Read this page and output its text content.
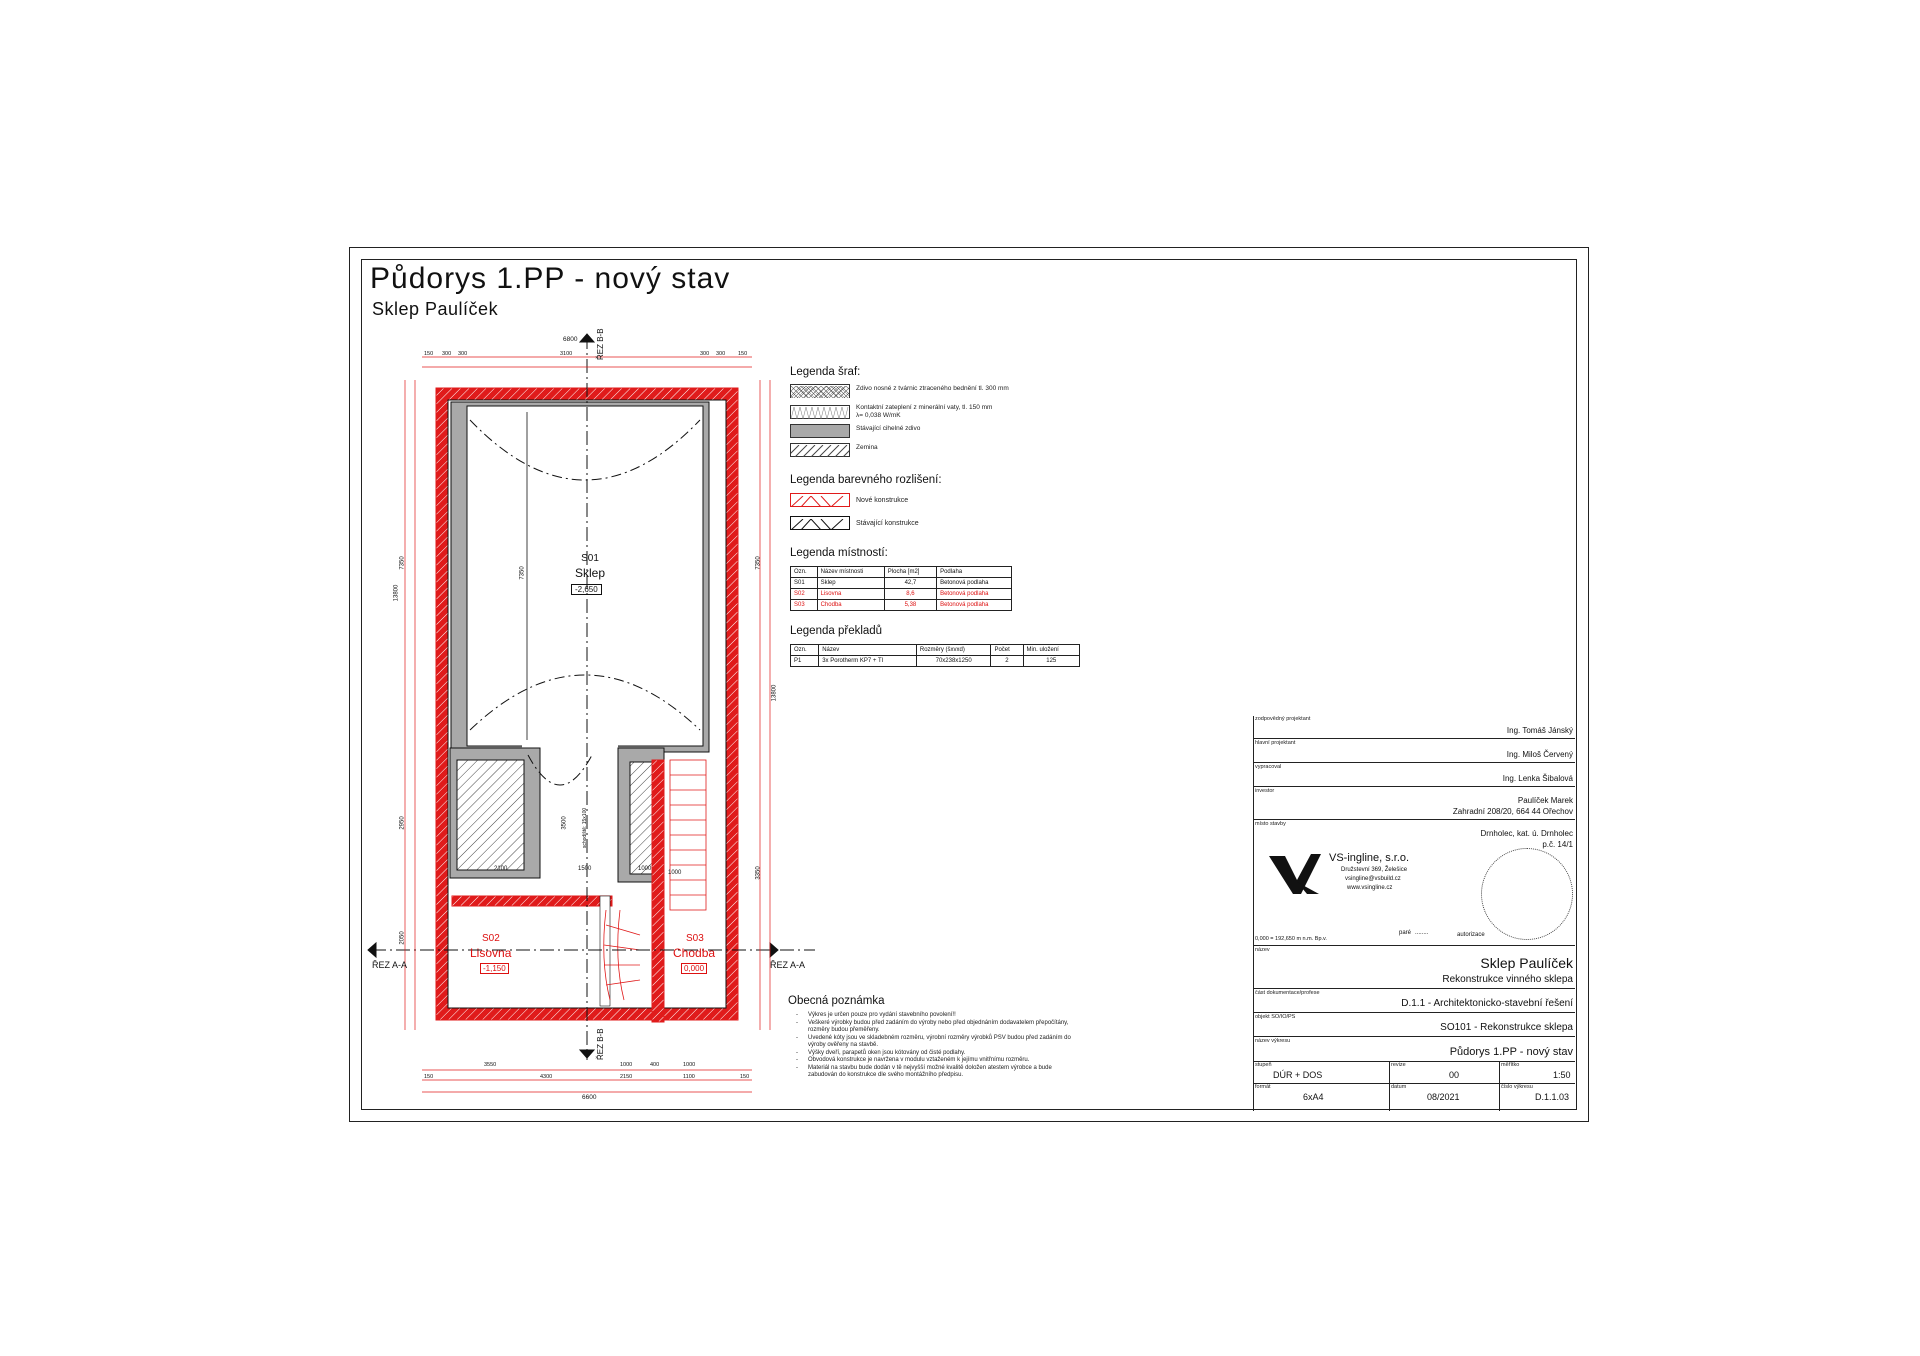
Půdorys 1.PP - nový stav
Sklep Paulíček
S01
Sklep
-2,650
S02
Lisovna
-1,150
S03
Chodba
0,000
ŘEZ A-A	ŘEZ A-A
ŘEZ B-B
ŘEZ B-B
6800
150 300	3100	300 150
300	300
3550	1000	400	1000
150	150
4300	2150	1100
6600
13800
7350
2950
2050
13800
7350
3350
7350
3500
2100	1000
1500
1000
schodiště: 15x100
Legenda šraf:
Zdivo nosné z tvárnic ztraceného bednění tl. 300 mm
Kontaktní zateplení z minerální vaty, tl. 150 mm
λ= 0,038 W/mK
Stávající cihelné zdivo
Zemina
Legenda barevného rozlišení:
Nové konstrukce
Stávající konstrukce
Legenda místností:
Ozn.	Název místnosti	Plocha [m2]	Podlaha
S01	Sklep	42,7	Betonová podlaha
S02	Lisovna	8,6	Betonová podlaha
S03	Chodba	5,38	Betonová podlaha
Legenda překladů
Ozn.	Název	Rozměry (šxvxd)	Počet	Min. uložení
P1	3x Porotherm KP7 + TI	70x238x1250	2	125
Obecná poznámka
- Výkres je určen pouze pro vydání stavebního povolení!!
- Veškeré výrobky budou před zadáním do výroby nebo před objednáním dodavatelem přepočítány, rozměry budou přeměřeny.
- Uvedené kóty jsou ve skladebném rozměru, výrobní rozměry výrobků PSV budou před zadáním do výroby ověřeny na stavbě.
- Výšky dveří, parapetů oken jsou kótovány od čisté podlahy.
- Obvodová konstrukce je navržena v modulu vztaženém k jejímu vnitřnímu rozměru.
- Materiál na stavbu bude dodán v tě nejvyšší možné kvalitě doložen atestem výrobce a bude zabudován do konstrukce dle svého montážního předpisu.
zodpovědný projektant
Ing. Tomáš Jánský
hlavní projektant
Ing. Miloš Červený
vypracoval
Ing. Lenka Šibalová
investor
Paulíček Marek
Zahradní 208/20, 664 44 Ořechov
místo stavby
Drnholec, kat. ú. Drnholec
p.č. 14/1
VS-ingline, s.r.o.
Družstevní 369, Želešice
vsingline@vsbuild.cz
www.vsingline.cz
0,000 = 192,650 m n.m. Bp.v.
paré ........	autorizace
název
Sklep Paulíček
Rekonstrukce vinného sklepa
část dokumentace/profese
D.1.1 - Architektonicko-stavební řešení
objekt SO/IO/PS
SO101 - Rekonstrukce sklepa
název výkresu
Půdorys 1.PP - nový stav
stupeň
DÚR + DOS
revize
00
měřítko
1:50
formát
6xA4
datum
08/2021
číslo výkresu
D.1.1.03
